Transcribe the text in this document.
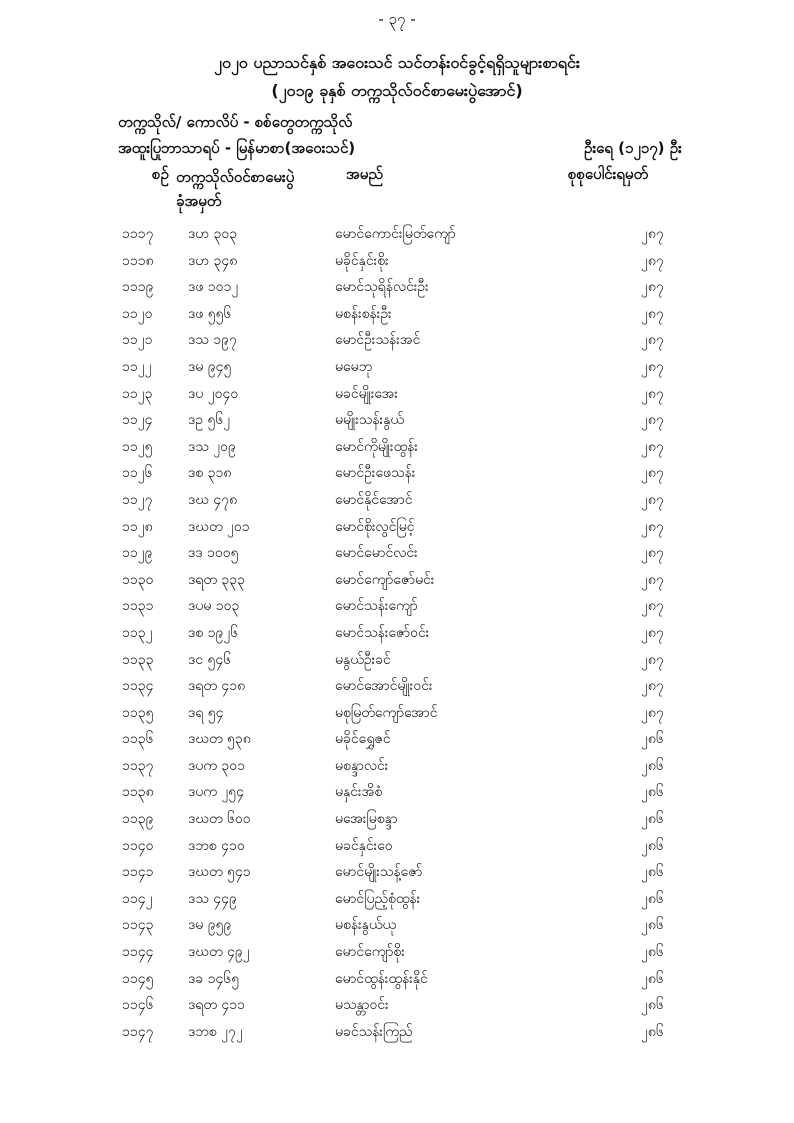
- ၃၇ -
၂၀၂၀ ပညာသင်နှစ် အဝေးသင် သင်တန်းဝင်ခွင့်ရရှိသူများစာရင်း
(၂၀၁၉ ခုနှစ် တက္ကသိုလ်ဝင်စာမေးပွဲအောင်)
တက္ကသိုလ်/ ကောလိပ် - စစ်တွေတက္ကသိုလ်
အထူးပြုဘာသာရပ် - မြန်မာစာ(အဝေးသင်)	ဦးရေ (၁၂၁၇) ဦး
စဉ် တက္ကသိုလ်ဝင်စာမေးပွဲ ခုံအမှတ်
အမည်	စုစုပေါင်းရမှတ်
၁၁၁၇ ဒဟ ၃၀၃	မောင်ကောင်းမြတ်ကျော်	၂၈၇
၁၁၁၈ ဒဟ ၃၄၈	မခိုင်နှင်းစိုး	၂၈၇
၁၁၁၉ ဒဖ ၁၀၁၂	မောင်သုရိန်လင်းဦး	၂၈၇
၁၁၂၀	ဒဖ ၅၅၆	မစန်းစန်းဦး	၂၈၇
၁၁၂၁	ဒသ ၁၉၇	မောင်ဦးသန်းအင်	၂၈၇
၁၁၂၂	ဒမ ၉၄၅	မမေဘု	၂၈၇
၁၁၂၃	ဒပ ၂၀၄၀	မခင်မျိုးအေး	၂၈၇
၁၁၂၄	ဒဥ ၅၆၂	မမျိုးသန်းနွယ်	၂၈၇
၁၁၂၅	ဒသ ၂၀၉	မောင်ကိုမျိုးထွန်း	၂၈၇
၁၁၂၆	ဒစ ၃၁၈	မောင်ဦးဖေသန်း	၂၈၇
၁၁၂၇	ဒဃ ၄၇၈	မောင်နိုင်အောင်	၂၈၇
၁၁၂၈	ဒဃတ ၂၀၁	မောင်စိုးလွင်မြင့်	၂၈၇
၁၁၂၉	ဒဒ ၁၀၀၅	မောင်မောင်လင်း	၂၈၇
၁၁၃၀ ဒရတ ၃၃၃	မောင်ကျော်ဇော်မင်း	၂၈၇
၁၁၃၁ ဒပမ ၁၀၃	မောင်သန်းကျော်	၂၈၇
၁၁၃၂	ဒစ ၁၉၂၆	မောင်သန်းဇော်ဝင်း	၂၈၇
၁၁၃၃ ဒင ၅၄၆	မနွယ်ဦးခင်	၂၈၇
၁၁၃၄ ဒရတ ၄၁၈	မောင်အောင်မျိုးဝင်း	၂၈၇
၁၁၃၅ ဒရ ၅၄	မစုမြတ်ကျော်အောင်	၂၈၇
၁၁၃၆ ဒဃတ ၅၃၈	မခိုင်ရွှေဇင်	၂၈၆
၁၁၃၇ ဒပက ၃၀၁	မစန္ဒာလင်း	၂၈၆
၁၁၃၈ ဒပက ၂၅၄	မနှင်းအိစံ	၂၈၆
၁၁၃၉ ဒဃတ ၆၀၀	မအေးမြစန္ဒာ	၂၈၆
၁၁၄၀ ဒဘစ ၄၁၀	မခင်နှင်းဝေ	၂၈၆
၁၁၄၁ ဒဃတ ၅၄၁	မောင်မျိုးသန့်ဇော်	၂၈၆
၁၁၄၂	ဒသ ၄၄၉	မောင်ပြည့်စုံထွန်း	၂၈၆
၁၁၄၃ ဒမ ၉၅၉	မစန်းနွယ်ယု	၂၈၆
၁၁၄၄ ဒဃတ ၄၉၂	မောင်ကျော်စိုး	၂၈၆
၁၁၄၅ ဒခ ၁၄၆၅	မောင်ထွန်းထွန်းနိုင်	၂၈၆
၁၁၄၆ ဒရတ ၄၁၁	မသန္တာဝင်း	၂၈၆
၁၁၄၇ ဒဘစ ၂၇၂	မခင်သန်းကြည်	၂၈၆
